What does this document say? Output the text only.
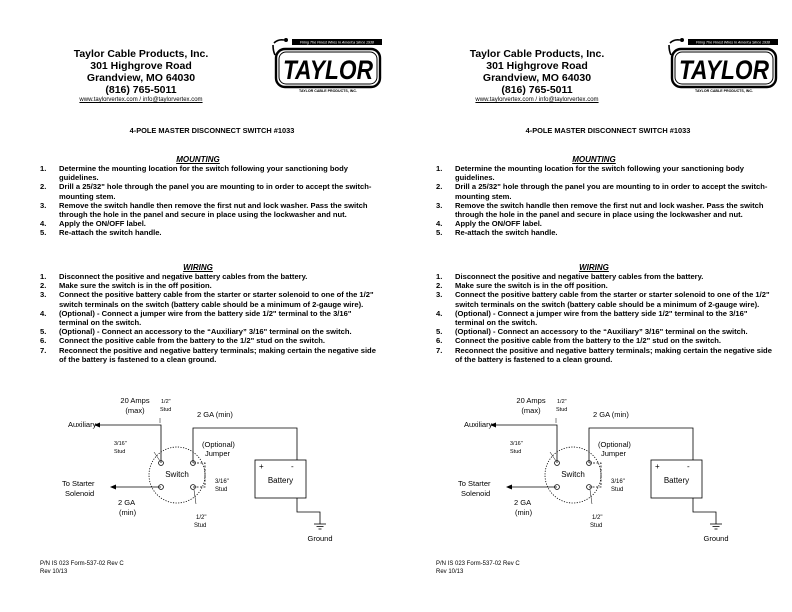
Taylor Cable Products, Inc.
301 Highgrove Road
Grandview, MO 64030
(816) 765-5011
www.taylorvertex.com / info@taylorvertex.com
Firing The Finest Wires In America Since 1938
TAYLOR
TAYLOR CABLE PRODUCTS, INC.
4-POLE MASTER DISCONNECT SWITCH #1033
MOUNTING
1. Determine the mounting location for the switch following your sanctioning body guidelines.
2. Drill a 25/32" hole through the panel you are mounting to in order to accept the switch-mounting stem.
3. Remove the switch handle then remove the first nut and lock washer. Pass the switch through the hole in the panel and secure in place using the lockwasher and nut.
4. Apply the ON/OFF label.
5. Re-attach the switch handle.
WIRING
1. Disconnect the positive and negative battery cables from the battery.
2. Make sure the switch is in the off position.
3. Connect the positive battery cable from the starter or starter solenoid to one of the 1/2" switch terminals on the switch (battery cable should be a minimum of 2-gauge wire).
4. (Optional) - Connect a jumper wire from the battery side 1/2" terminal to the 3/16" terminal on the switch.
5. (Optional) - Connect an accessory to the “Auxiliary” 3/16" terminal on the switch.
6. Connect the positive cable from the battery to the 1/2" stud on the switch.
7. Reconnect the positive and negative battery terminals; making certain the negative side of the battery is fastened to a clean ground.
Switch
Auxiliary
Battery
+	-
Ground
20 Amps
(max)
1/2"
Stud	2 GA (min)
3/16"
Stud
(Optional)
Jumper
3/16"
Stud
To Starter
Solenoid
2 GA
(min)
1/2"
Stud
P/N IS 023 Form-537-02 Rev C
Rev 10/13
Taylor Cable Products, Inc.
301 Highgrove Road
Grandview, MO 64030
(816) 765-5011
www.taylorvertex.com / info@taylorvertex.com
Firing The Finest Wires In America Since 1938
TAYLOR
TAYLOR CABLE PRODUCTS, INC.
4-POLE MASTER DISCONNECT SWITCH #1033
MOUNTING
1. Determine the mounting location for the switch following your sanctioning body guidelines.
2. Drill a 25/32" hole through the panel you are mounting to in order to accept the switch-mounting stem.
3. Remove the switch handle then remove the first nut and lock washer. Pass the switch through the hole in the panel and secure in place using the lockwasher and nut.
4. Apply the ON/OFF label.
5. Re-attach the switch handle.
WIRING
1. Disconnect the positive and negative battery cables from the battery.
2. Make sure the switch is in the off position.
3. Connect the positive battery cable from the starter or starter solenoid to one of the 1/2" switch terminals on the switch (battery cable should be a minimum of 2-gauge wire).
4. (Optional) - Connect a jumper wire from the battery side 1/2" terminal to the 3/16" terminal on the switch.
5. (Optional) - Connect an accessory to the “Auxiliary” 3/16" terminal on the switch.
6. Connect the positive cable from the battery to the 1/2" stud on the switch.
7. Reconnect the positive and negative battery terminals; making certain the negative side of the battery is fastened to a clean ground.
Switch
Auxiliary
Battery
+	-
Ground
20 Amps
(max)
1/2"
Stud	2 GA (min)
3/16"
Stud
(Optional)
Jumper
3/16"
Stud
To Starter
Solenoid
2 GA
(min)
1/2"
Stud
P/N IS 023 Form-537-02 Rev C
Rev 10/13
